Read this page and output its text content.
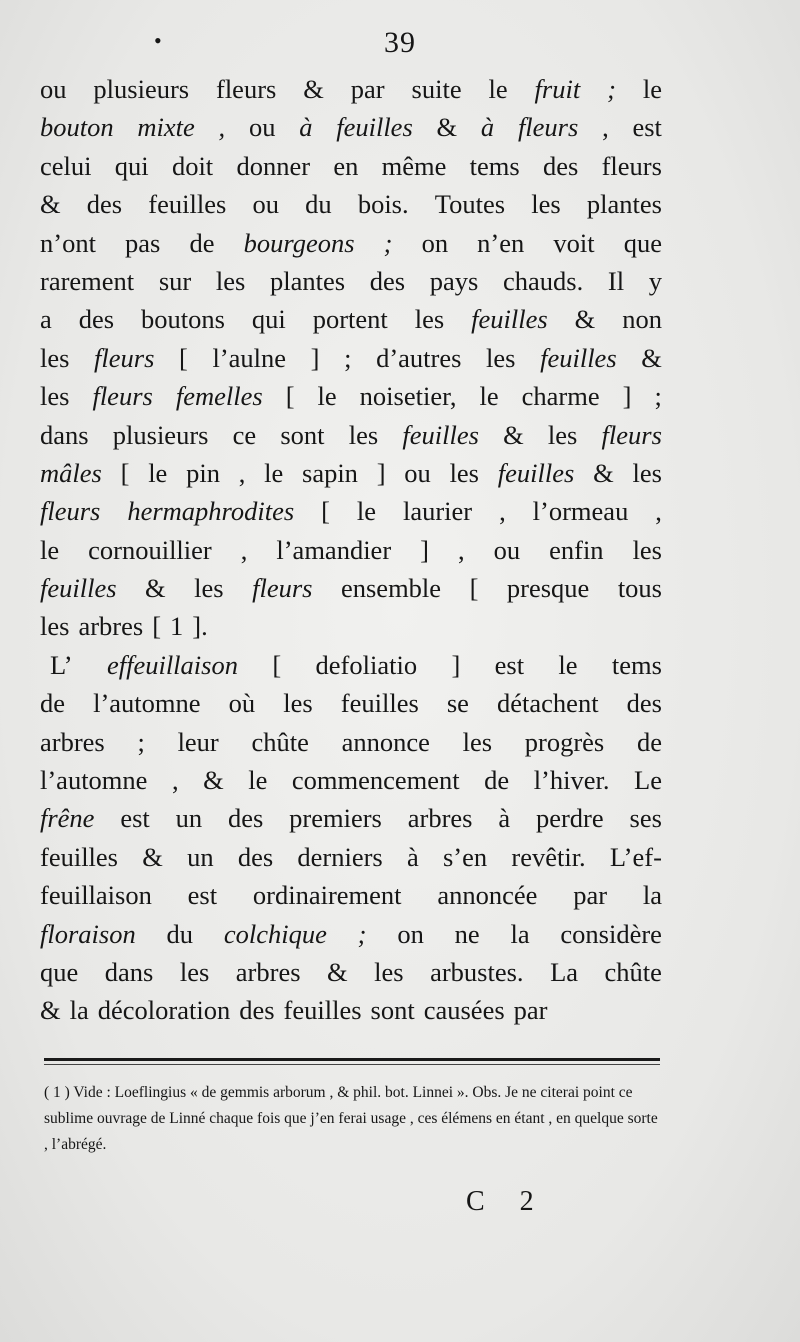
•	39
ou plusieurs fleurs & par suite le fruit ; le
bouton mixte , ou à feuilles & à fleurs , est
celui qui doit donner en même tems des fleurs
& des feuilles ou du bois. Toutes les plantes
n’ont pas de bourgeons ; on n’en voit que
rarement sur les plantes des pays chauds. Il y
a des boutons qui portent les feuilles & non
les fleurs [ l’aulne ] ; d’autres les feuilles &
les fleurs femelles [ le noisetier, le charme ] ;
dans plusieurs ce sont les feuilles & les fleurs
mâles [ le pin , le sapin ] ou les feuilles & les
fleurs hermaphrodites [ le laurier , l’ormeau ,
le cornouillier , l’amandier ] , ou enfin les
feuilles & les fleurs ensemble [ presque tous
les arbres [ 1 ].
L’ effeuillaison [ defoliatio ] est le tems
de l’automne où les feuilles se détachent des
arbres ; leur chûte annonce les progrès de
l’automne , & le commencement de l’hiver. Le
frêne est un des premiers arbres à perdre ses
feuilles & un des derniers à s’en revêtir. L’ef-
feuillaison est ordinairement annoncée par la
floraison du colchique ; on ne la considère
que dans les arbres & les arbustes. La chûte
& la décoloration des feuilles sont causées par
( 1 ) Vide : Loeflingius « de gemmis arborum , & phil. bot. Linnei ». Obs. Je ne citerai point ce sublime ouvrage de Linné chaque fois que j’en ferai usage , ces élémens en étant , en quelque sorte , l’abrégé.
C 2
